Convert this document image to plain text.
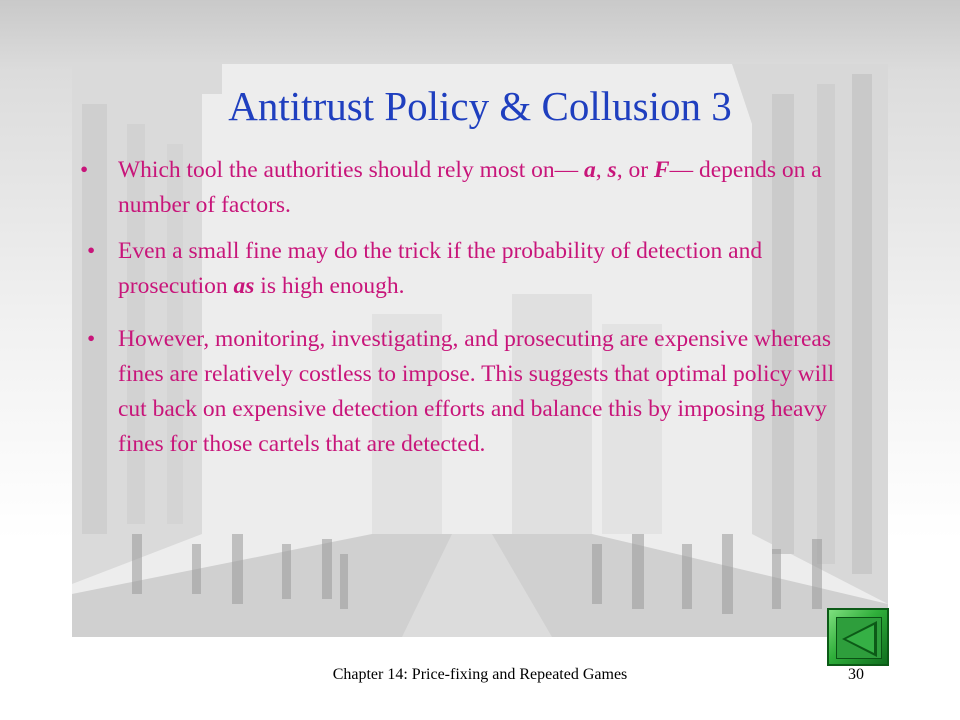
Antitrust Policy & Collusion 3
• Which tool the authorities should rely most on— a, s, or F— depends on a number of factors.
• Even a small fine may do the trick if the probability of detection and prosecution as is high enough.
• However, monitoring, investigating, and prosecuting are expensive whereas fines are relatively costless to impose. This suggests that optimal policy will cut back on expensive detection efforts and balance this by imposing heavy fines for those cartels that are detected.
Chapter 14: Price-fixing and Repeated Games	30
